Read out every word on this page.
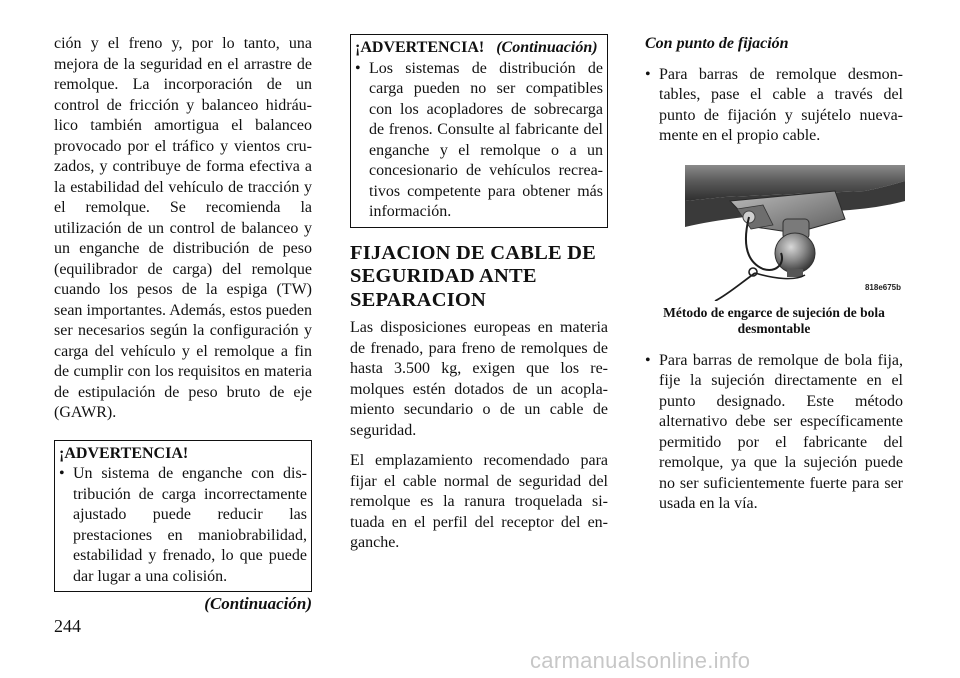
ción y el freno y, por lo tanto, una mejora de la seguridad en el arrastre de remolque. La incorporación de un control de fricción y balanceo hidráulico también amortigua el balanceo provocado por el tráfico y vientos cruzados, y contribuye de forma efectiva a la estabilidad del vehículo de tracción y el remolque. Se recomienda la utilización de un control de balanceo y un enganche de distribución de peso (equilibrador de carga) del remolque cuando los pesos de la espiga (TW) sean importantes. Además, estos pueden ser necesarios según la configuración y carga del vehículo y el remolque a fin de cumplir con los requisitos en materia de estipulación de peso bruto de eje (GAWR).

¡ADVERTENCIA!

• Un sistema de enganche con distribución de carga incorrectamente ajustado puede reducir las prestaciones en maniobrabilidad, estabilidad y frenado, lo que puede dar lugar a una colisión.

(Continuación)

¡ADVERTENCIA! (Continuación)

• Los sistemas de distribución de carga pueden no ser compatibles con los acopladores de sobrecarga de frenos. Consulte al fabricante del enganche y el remolque o a un concesionario de vehículos recreativos competente para obtener más información.

FIJACION DE CABLE DE SEGURIDAD ANTE SEPARACION

Las disposiciones europeas en materia de frenado, para freno de remolques de hasta 3.500 kg, exigen que los remolques estén dotados de un acoplamiento secundario o de un cable de seguridad.

El emplazamiento recomendado para fijar el cable normal de seguridad del remolque es la ranura troquelada situada en el perfil del receptor del enganche.

Con punto de fijación

• Para barras de remolque desmontables, pase el cable a través del punto de fijación y sujételo nuevamente en el propio cable.

818e675b
Método de engarce de sujeción de bola desmontable

• Para barras de remolque de bola fija, fije la sujeción directamente en el punto designado. Este método alternativo debe ser específicamente permitido por el fabricante del remolque, ya que la sujeción puede no ser suficientemente fuerte para ser usada en la vía.

244
carmanualsonline.info
